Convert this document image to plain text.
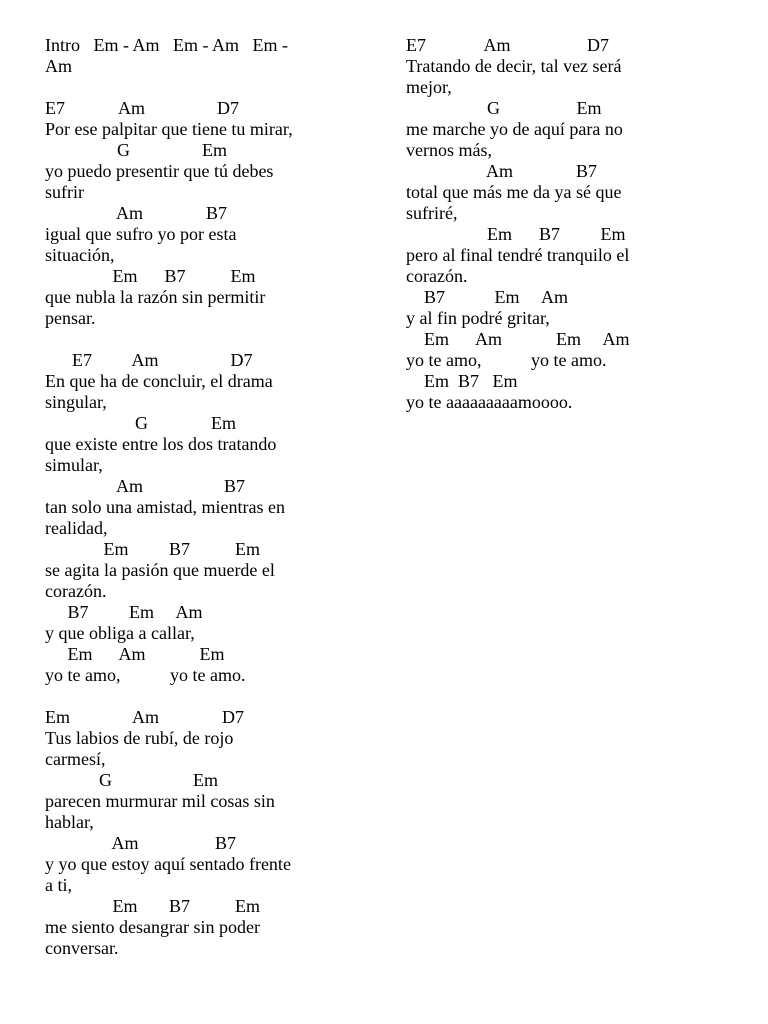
Intro   Em - Am   Em - Am   Em -
Am
E7            Am                D7
Por ese palpitar que tiene tu mirar,
G                Em
yo puedo presentir que tú debes
sufrir
Am              B7
igual que sufro yo por esta
situación,
Em      B7          Em
que nubla la razón sin permitir
pensar.
E7         Am                D7
En que ha de concluir, el drama
singular,
G              Em
que existe entre los dos tratando
simular,
Am                  B7
tan solo una amistad, mientras en
realidad,
Em         B7          Em
se agita la pasión que muerde el
corazón.
B7         Em     Am
y que obliga a callar,
Em      Am            Em
yo te amo,           yo te amo.
Em              Am              D7
Tus labios de rubí, de rojo
carmesí,
G                  Em
parecen murmurar mil cosas sin
hablar,
Am                 B7
y yo que estoy aquí sentado frente
a ti,
Em       B7          Em
me siento desangrar sin poder
conversar.
E7             Am                 D7
Tratando de decir, tal vez será
mejor,
G                 Em
me marche yo de aquí para no
vernos más,
Am              B7
total que más me da ya sé que
sufriré,
Em      B7         Em
pero al final tendré tranquilo el
corazón.
B7           Em     Am
y al fin podré gritar,
Em      Am            Em     Am
yo te amo,           yo te amo.
Em  B7   Em
yo te aaaaaaaaamoooo.
